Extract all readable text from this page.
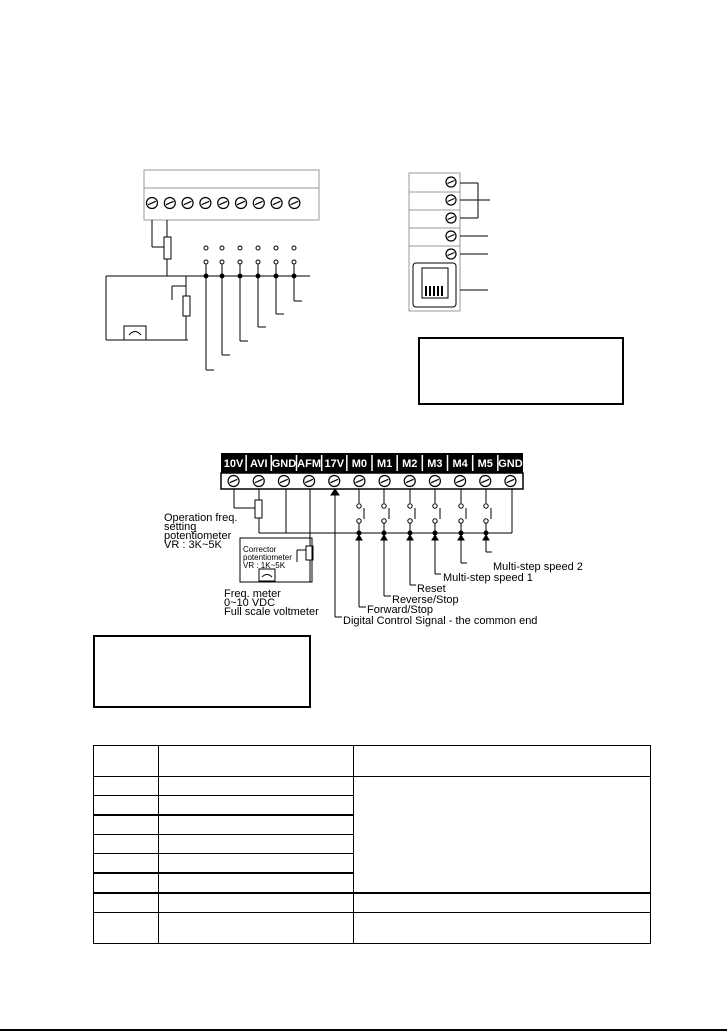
10V AVI GND AFM 17V M0 M1 M2 M3 M4 M5 GND
Operation freq.
setting
potentiometer
VR : 3K~5K	Corrector
potentiometer
VR : 1K~5K
Freq. meter
0~10 VDC
Full scale voltmeter
Multi-step speed 2
Multi-step speed 1
Reset
Reverse/Stop
Forward/Stop
Digital Control Signal - the common end
